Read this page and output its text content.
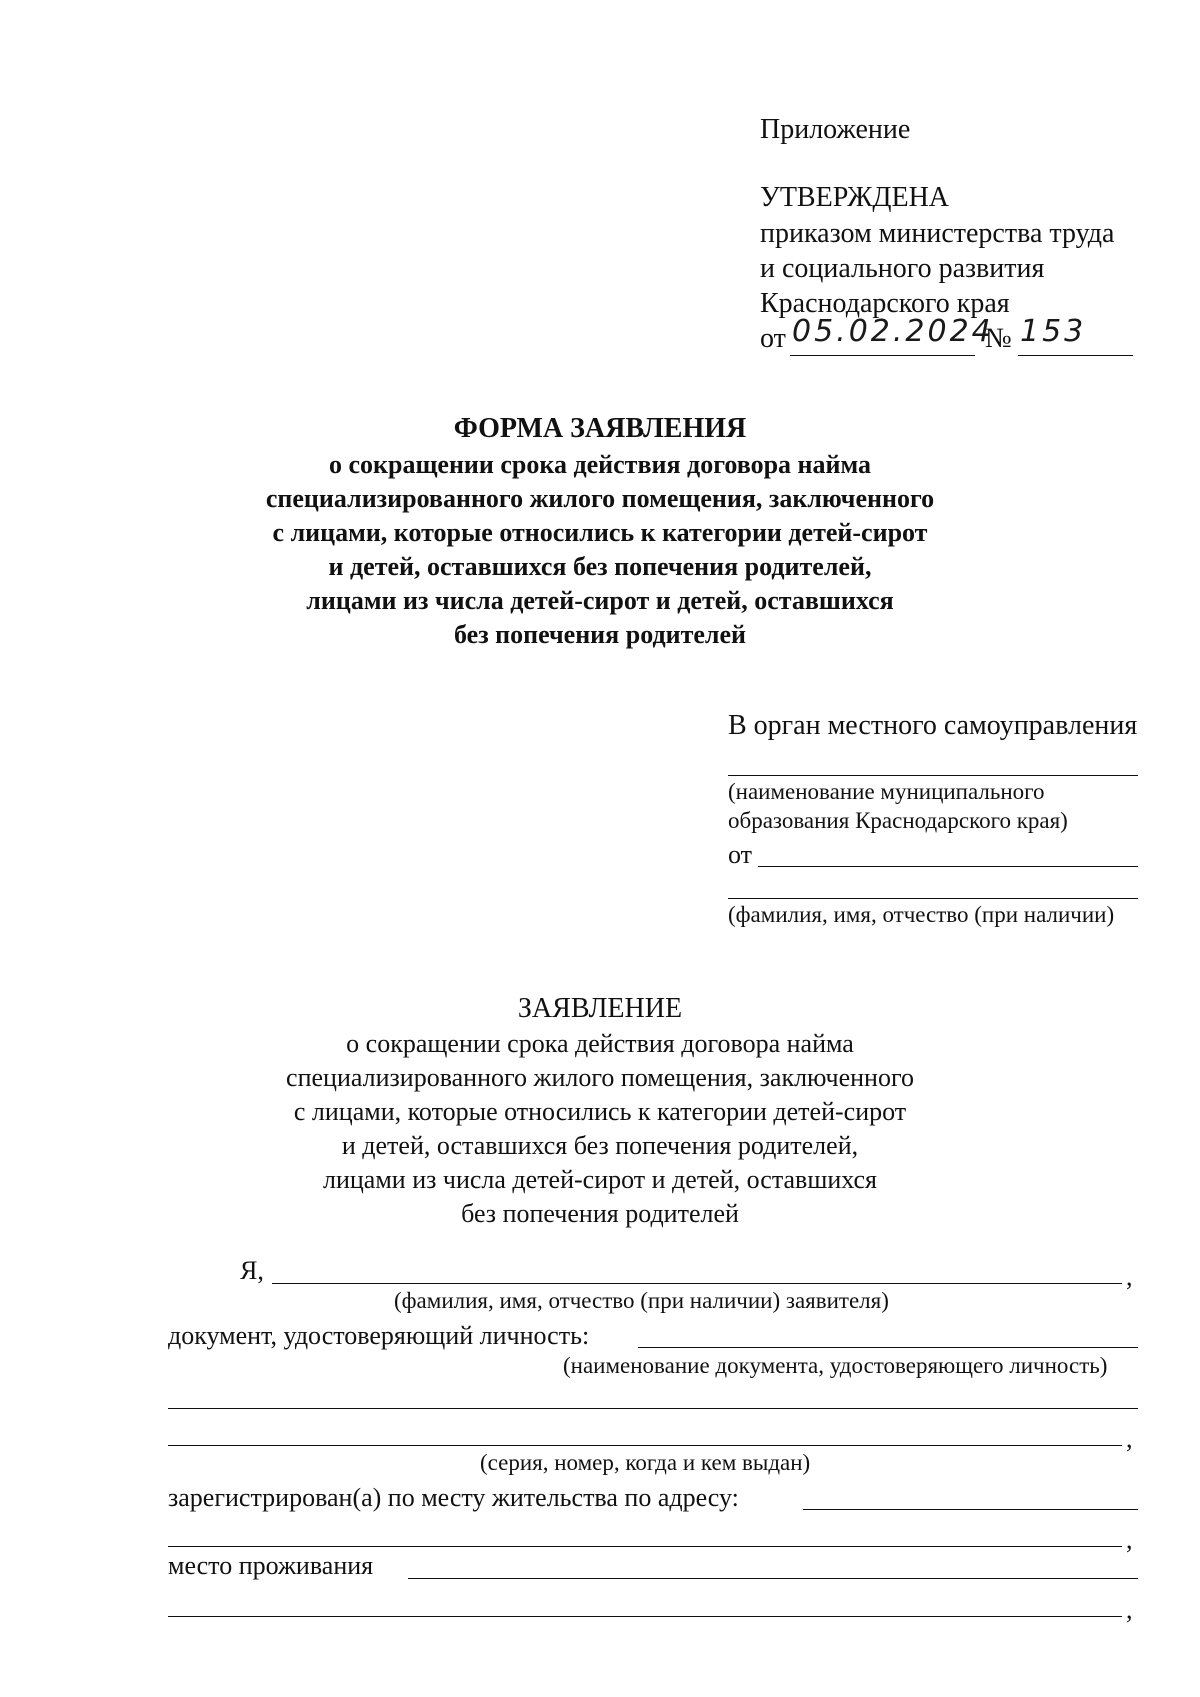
Приложение
УТВЕРЖДЕНА
приказом министерства труда
и социального развития
Краснодарского края
от 05.02.2024
№ 153
ФОРМА ЗАЯВЛЕНИЯ
о сокращении срока действия договора найма
специализированного жилого помещения, заключенного
с лицами, которые относились к категории детей-сирот
и детей, оставшихся без попечения родителей,
лицами из числа детей-сирот и детей, оставшихся
без попечения родителей
В орган местного самоуправления
(наименование муниципального
образования Краснодарского края)
от
(фамилия, имя, отчество (при наличии)
ЗАЯВЛЕНИЕ
о сокращении срока действия договора найма
специализированного жилого помещения, заключенного
с лицами, которые относились к категории детей-сирот
и детей, оставшихся без попечения родителей,
лицами из числа детей-сирот и детей, оставшихся
без попечения родителей
Я,	,
(фамилия, имя, отчество (при наличии) заявителя)
документ, удостоверяющий личность:
(наименование документа, удостоверяющего личность)
,
(серия, номер, когда и кем выдан)
зарегистрирован(а) по месту жительства по адресу:
,
место проживания
,
